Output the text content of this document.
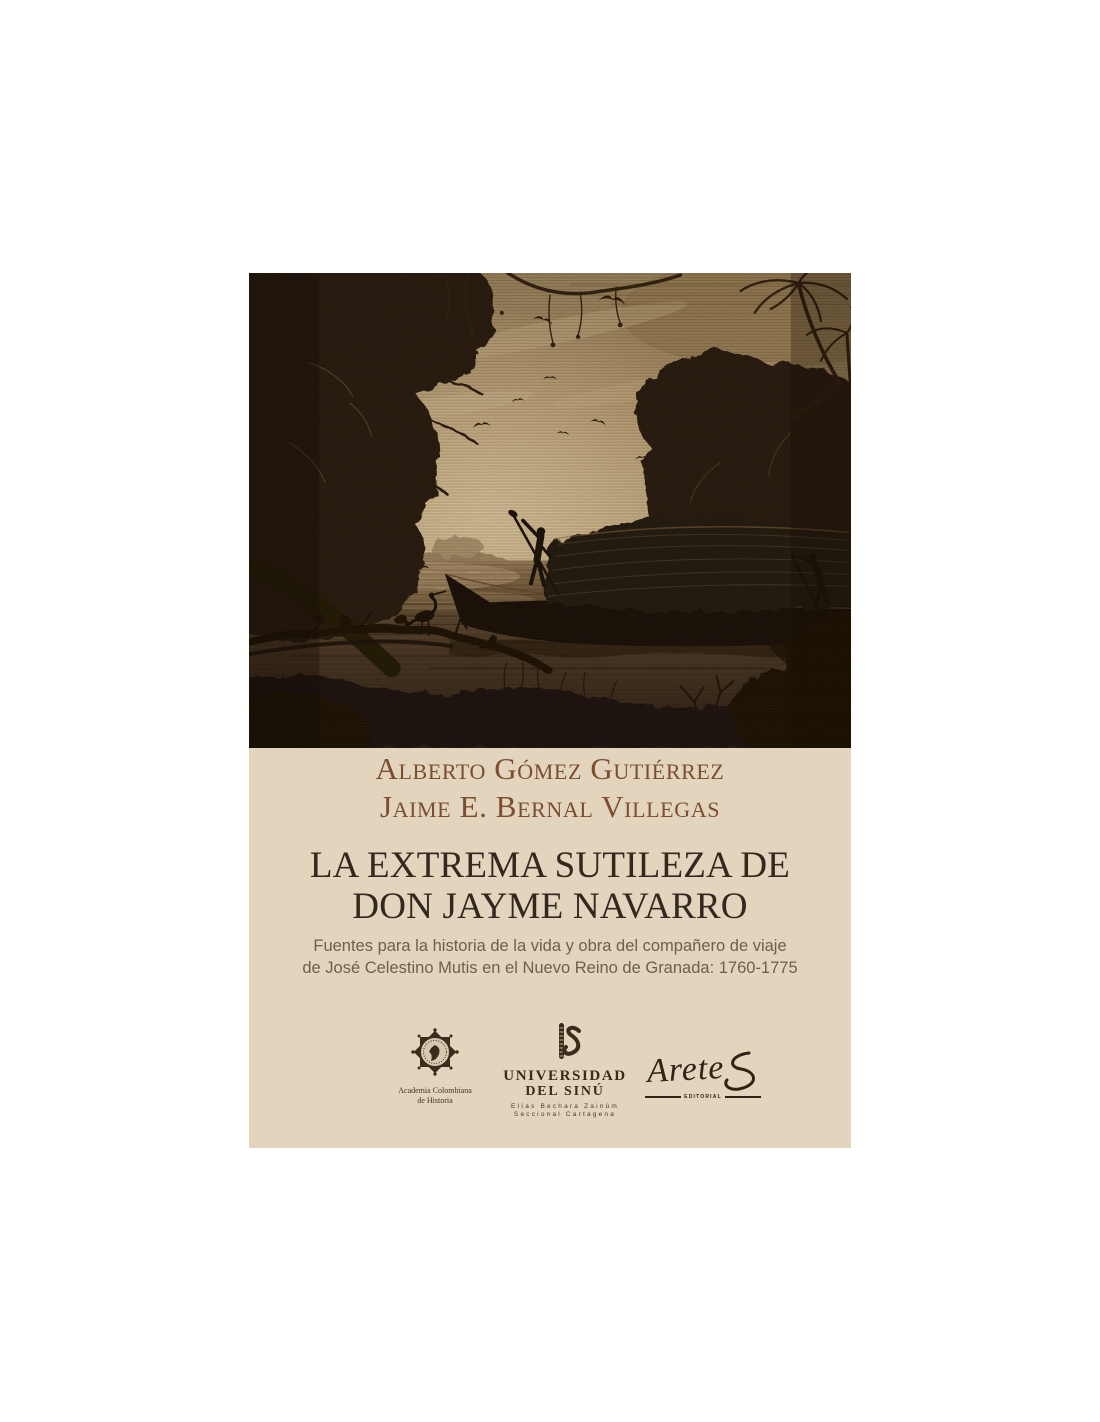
Alberto Gómez Gutiérrez
Jaime E. Bernal Villegas
LA EXTREMA SUTILEZA DE
DON JAYME NAVARRO
Fuentes para la historia de la vida y obra del compañero de viaje
de José Celestino Mutis en el Nuevo Reino de Granada: 1760-1775
Academia Colombiana
de Historia
UNIVERSIDAD
DEL SINÚ
Elías Bechara Zainúm
Seccional Cartagena
Arete
EDITORIAL
